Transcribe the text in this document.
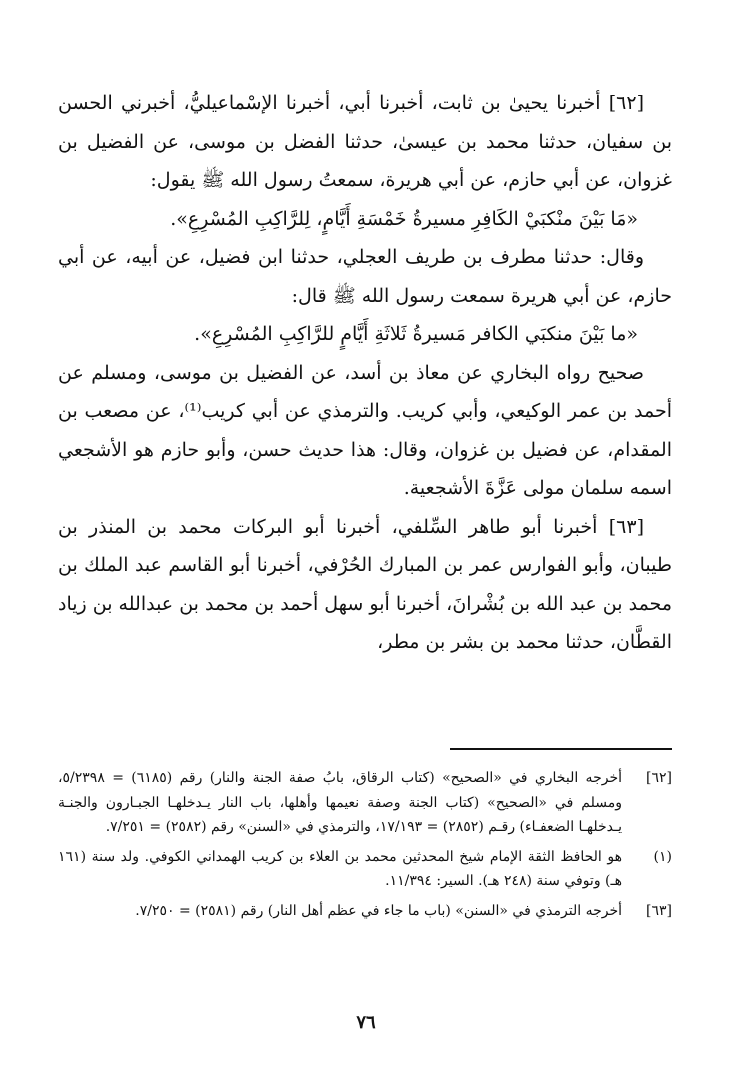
[٦٢] أخبرنا يحيىٰ بن ثابت، أخبرنا أبي، أخبرنا الإسْماعيليُّ، أخبرني الحسن بن سفيان، حدثنا محمد بن عيسىٰ، حدثنا الفضل بن موسى، عن الفضيل بن غزوان، عن أبي حازم، عن أبي هريرة، سمعتُ رسول الله ﷺ يقول:

«مَا بَيْنَ منْكبَيْ الكَافِرِ مسيرةُ خَمْسَةِ أَيَّامٍ، لِلرَّاكِبِ المُسْرِعِ».

وقال: حدثنا مطرف بن طريف العجلي، حدثنا ابن فضيل، عن أبيه، عن أبي حازم، عن أبي هريرة سمعت رسول الله ﷺ قال:

«ما بَيْنَ منكبَي الكافر مَسيرةُ ثَلاثَةِ أَيَّامٍ للرَّاكِبِ المُسْرِعِ».

صحيح رواه البخاري عن معاذ بن أسد، عن الفضيل بن موسى، ومسلم عن أحمد بن عمر الوكيعي، وأبي كريب. والترمذي عن أبي كريب⁽¹⁾، عن مصعب بن المقدام، عن فضيل بن غزوان، وقال: هذا حديث حسن، وأبو حازم هو الأشجعي اسمه سلمان مولى عَزَّةَ الأشجعية.

[٦٣] أخبرنا أبو طاهر السِّلفي، أخبرنا أبو البركات محمد بن المنذر بن طيبان، وأبو الفوارس عمر بن المبارك الحُرْفي، أخبرنا أبو القاسم عبد الملك بن محمد بن عبد الله بن بُشْرانَ، أخبرنا أبو سهل أحمد بن محمد بن عبدالله بن زياد القطَّان، حدثنا محمد بن بشر بن مطر،

[٦٢]
أخرجه البخاري في «الصحيح» (كتاب الرقاق، بابُ صفة الجنة والنار) رقم (٦١٨٥) = ٥/٢٣٩٨، ومسلم في «الصحيح» (كتاب الجنة وصفة نعيمها وأهلها، باب النار يـدخلهـا الجبـارون والجنـة يـدخلهـا الضعفـاء) رقـم (٢٨٥٢) = ١٧/١٩٣، والترمذي في «السنن» رقم (٢٥٨٢) = ٧/٢٥١.
(١)
هو الحافظ الثقة الإمام شيخ المحدثين محمد بن العلاء بن كريب الهمداني الكوفي. ولد سنة (١٦١ هـ) وتوفي سنة (٢٤٨ هـ). السير: ١١/٣٩٤.
[٦٣]
أخرجه الترمذي في «السنن» (باب ما جاء في عظم أهل النار) رقم (٢٥٨١) = ٧/٢٥٠.
٧٦
